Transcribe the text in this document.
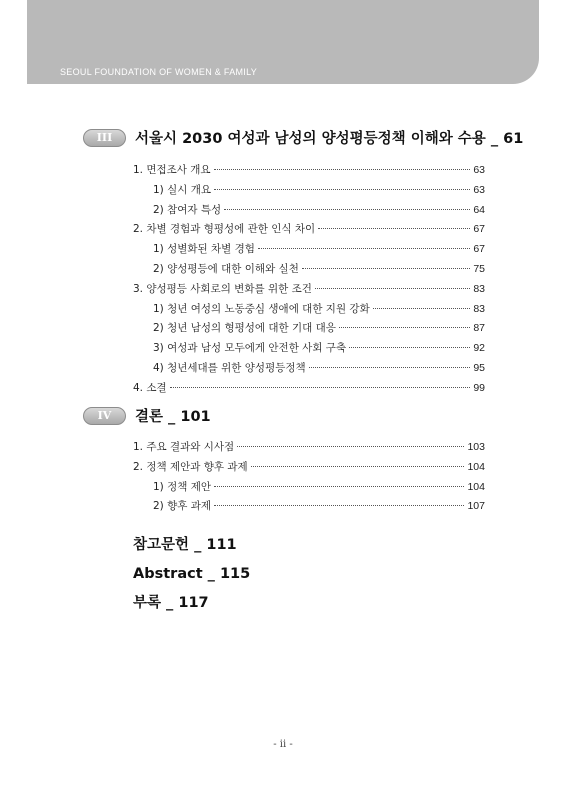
SEOUL FOUNDATION OF WOMEN & FAMILY
III	서울시 2030 여성과 남성의 양성평등정책 이해와 수용 _ 61
1. 면접조사 개요	63
1) 실시 개요	63
2) 참여자 특성	64
2. 차별 경험과 형평성에 관한 인식 차이	67
1) 성별화된 차별 경험	67
2) 양성평등에 대한 이해와 실천	75
3. 양성평등 사회로의 변화를 위한 조건	83
1) 청년 여성의 노동중심 생애에 대한 지원 강화	83
2) 청년 남성의 형평성에 대한 기대 대응	87
3) 여성과 남성 모두에게 안전한 사회 구축	92
4) 청년세대를 위한 양성평등정책	95
4. 소결	99
IV	결론 _ 101
1. 주요 결과와 시사점	103
2. 정책 제안과 향후 과제	104
1) 정책 제안	104
2) 향후 과제	107
참고문헌 _ 111
Abstract _ 115
부록 _ 117
- ii -
